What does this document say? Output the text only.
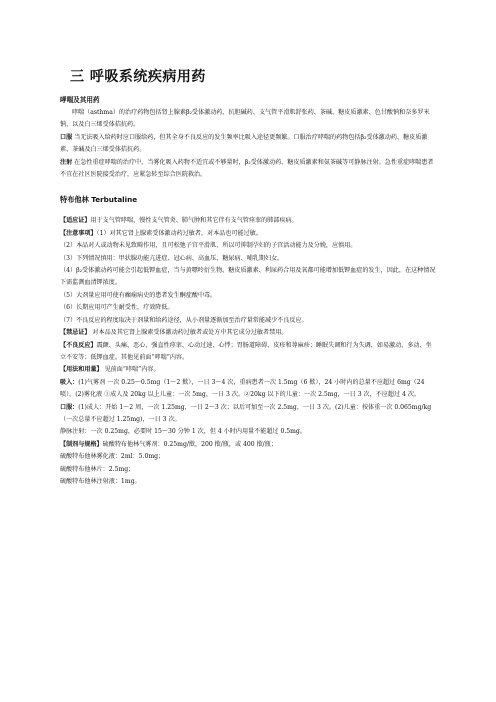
三 呼吸系统疾病用药
哮喘及其用药

哮喘（asthma）的治疗药物包括肾上腺素β₂受体激动药、抗胆碱药、支气管平滑肌舒张药、茶碱、糖皮质激素、色甘酸钠和奈多罗米钠，以及白三烯受体拮抗药。

口服 当无法吸入给药时应口服给药，但其全身不良反应的发生频率比吸入途径更频繁。口服治疗哮喘的药物包括β₂受体激动药、糖皮质激素、茶碱及白三烯受体拮抗药。

注射 在急性重症哮喘的治疗中，当雾化吸入药物不适宜或不够量时，β₂受体激动药、糖皮质激素和氨茶碱等可静脉注射。急性重症哮喘患者不宜在社区医院接受治疗，应紧急转至综合医院救治。

特布他林 Terbutaline

【适应证】用于支气管哮喘，慢性支气管炎、肺气肿和其它伴有支气管痉挛的肺部疾病。

【注意事项】（1）对其它肾上腺素受体激动药过敏者，对本品也可能过敏。

（2）本品对人或动物未见致畸作用，且可松弛子宫平滑肌，所以可抑制孕妇的子宫活动能力及分娩，应慎用。

（3）下列情况慎用：甲状腺功能亢进症、冠心病、高血压、糖尿病、哺乳期妇女。

（4）β₂受体激动药可能会引起低钾血症，当与黄嘌呤衍生物、糖皮质激素、利尿药合用及氧都可能增加低钾血症的发生，因此，在这种情况下需监测血清钾浓度。

（5）大剂量应用可使有癫痫病史的患者发生酮症酸中毒。

（6）长期应用可产生耐受性，疗效降低。

（7）不良反应的程度取决于剂量和给药途径，从小剂量逐渐加至治疗量常能减少不良反应。

【禁忌证】 对本品及其它肾上腺素受体激动药过敏者或处方中其它成分过敏者禁用。

【不良反应】震颤、头痛、恶心、强直性痉挛、心动过速、心悸；胃肠道障碍、皮疹和荨麻疹；睡眠失调和行为失调，如易激动、多动、坐立不安等；低钾血症。其他见前面“哮喘”内容。

【用法和用量】 见前面“哮喘”内容。

吸入：(1)气雾剂 一次 0.25～0.5mg（1～2 揿），一日 3～4 次，重病患者一次 1.5mg（6 揿），24 小时内的总量不应超过 6mg（24 喷）。(2)雾化液 ①成人及 20kg 以上儿童：一次 5mg，一日 3 次。②20kg 以下的儿童：一次 2.5mg，一日 3 次，不应超过 4 次。

口服：(1)成人：开始 1～2 周，一次 1.25mg，一日 2～3 次；以后可加至一次 2.5mg，一日 3 次。(2)儿童：按体重一次 0.065mg/kg（一次总量不应超过 1.25mg)，一日 3 次。

静脉注射：一次 0.25mg，必要时 15～30 分钟 1 次，但 4 小时内用量不能超过 0.5mg。

【制剂与规格】硫酸特布他林气雾剂：0.25mg/揿，200 揿/瓶，或 400 揿/瓶；

硫酸特布他林雾化液：2ml：5.0mg；

硫酸特布他林片：2.5mg；

硫酸特布他林注射液：1mg。
